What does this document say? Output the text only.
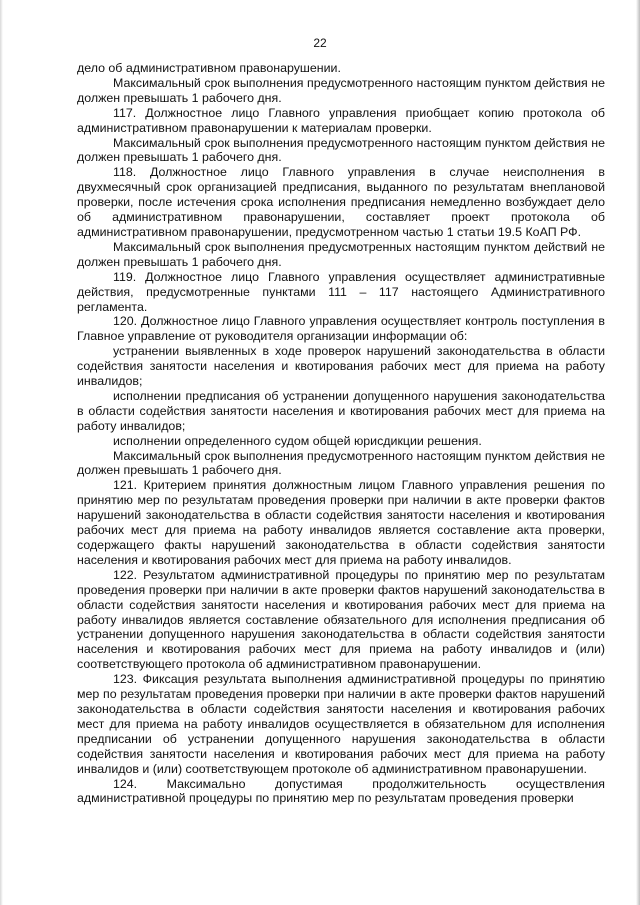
22

дело об административном правонарушении.

Максимальный срок выполнения предусмотренного настоящим пунктом действия не должен превышать 1 рабочего дня.

117. Должностное лицо Главного управления приобщает копию протокола об административном правонарушении к материалам проверки.

Максимальный срок выполнения предусмотренного настоящим пунктом действия не должен превышать 1 рабочего дня.

118. Должностное лицо Главного управления в случае неисполнения в двухмесячный срок организацией предписания, выданного по результатам внеплановой проверки, после истечения срока исполнения предписания немедленно возбуждает дело об административном правонарушении, составляет проект протокола об административном правонарушении, предусмотренном частью 1 статьи 19.5 КоАП РФ.

Максимальный срок выполнения предусмотренных настоящим пунктом действий не должен превышать 1 рабочего дня.

119. Должностное лицо Главного управления осуществляет административные действия, предусмотренные пунктами 111 – 117 настоящего Административного регламента.

120. Должностное лицо Главного управления осуществляет контроль поступления в Главное управление от руководителя организации информации об:

устранении выявленных в ходе проверок нарушений законодательства в области содействия занятости населения и квотирования рабочих мест для приема на работу инвалидов;

исполнении предписания об устранении допущенного нарушения законодательства в области содействия занятости населения и квотирования рабочих мест для приема на работу инвалидов;

исполнении определенного судом общей юрисдикции решения.

Максимальный срок выполнения предусмотренного настоящим пунктом действия не должен превышать 1 рабочего дня.

121. Критерием принятия должностным лицом Главного управления решения по принятию мер по результатам проведения проверки при наличии в акте проверки фактов нарушений законодательства в области содействия занятости населения и квотирования рабочих мест для приема на работу инвалидов является составление акта проверки, содержащего факты нарушений законодательства в области содействия занятости населения и квотирования рабочих мест для приема на работу инвалидов.

122. Результатом административной процедуры по принятию мер по результатам проведения проверки при наличии в акте проверки фактов нарушений законодательства в области содействия занятости населения и квотирования рабочих мест для приема на работу инвалидов является составление обязательного для исполнения предписания об устранении допущенного нарушения законодательства в области содействия занятости населения и квотирования рабочих мест для приема на работу инвалидов и (или) соответствующего протокола об административном правонарушении.

123. Фиксация результата выполнения административной процедуры по принятию мер по результатам проведения проверки при наличии в акте проверки фактов нарушений законодательства в области содействия занятости населения и квотирования рабочих мест для приема на работу инвалидов осуществляется в обязательном для исполнения предписании об устранении допущенного нарушения законодательства в области содействия занятости населения и квотирования рабочих мест для приема на работу инвалидов и (или) соответствующем протоколе об административном правонарушении.

124. Максимально допустимая продолжительность осуществления административной процедуры по принятию мер по результатам проведения проверки
